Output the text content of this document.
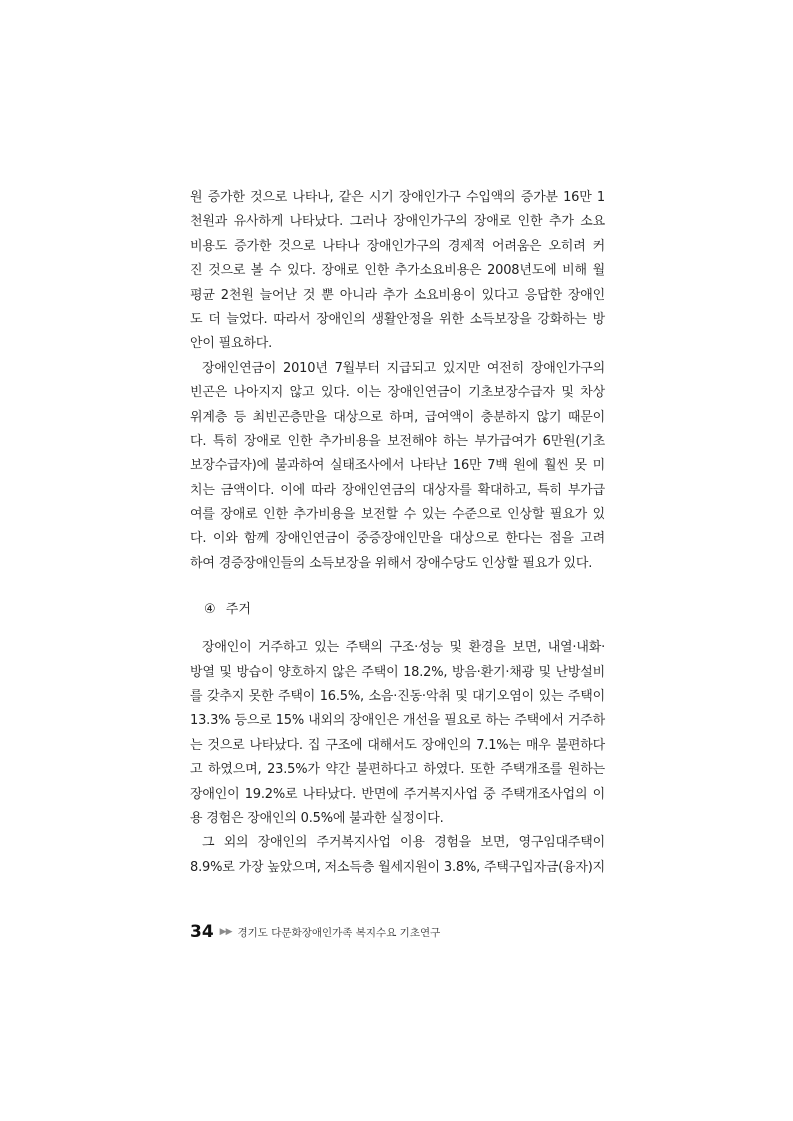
원 증가한 것으로 나타나, 같은 시기 장애인가구 수입액의 증가분 16만 1
천원과 유사하게 나타났다. 그러나 장애인가구의 장애로 인한 추가 소요
비용도 증가한 것으로 나타나 장애인가구의 경제적 어려움은 오히려 커
진 것으로 볼 수 있다. 장애로 인한 추가소요비용은 2008년도에 비해 월
평균 2천원 늘어난 것 뿐 아니라 추가 소요비용이 있다고 응답한 장애인
도 더 늘었다. 따라서 장애인의 생활안정을 위한 소득보장을 강화하는 방
안이 필요하다.
장애인연금이 2010년 7월부터 지급되고 있지만 여전히 장애인가구의
빈곤은 나아지지 않고 있다. 이는 장애인연금이 기초보장수급자 및 차상
위계층 등 최빈곤층만을 대상으로 하며, 급여액이 충분하지 않기 때문이
다. 특히 장애로 인한 추가비용을 보전해야 하는 부가급여가 6만원(기초
보장수급자)에 불과하여 실태조사에서 나타난 16만 7백 원에 훨씬 못 미
치는 금액이다. 이에 따라 장애인연금의 대상자를 확대하고, 특히 부가급
여를 장애로 인한 추가비용을 보전할 수 있는 수준으로 인상할 필요가 있
다. 이와 함께 장애인연금이 중증장애인만을 대상으로 한다는 점을 고려
하여 경증장애인들의 소득보장을 위해서 장애수당도 인상할 필요가 있다.
④ 주거
장애인이 거주하고 있는 주택의 구조·성능 및 환경을 보면, 내열·내화·
방열 및 방습이 양호하지 않은 주택이 18.2%, 방음·환기·채광 및 난방설비
를 갖추지 못한 주택이 16.5%, 소음·진동·악취 및 대기오염이 있는 주택이
13.3% 등으로 15% 내외의 장애인은 개선을 필요로 하는 주택에서 거주하
는 것으로 나타났다. 집 구조에 대해서도 장애인의 7.1%는 매우 불편하다
고 하였으며, 23.5%가 약간 불편하다고 하였다. 또한 주택개조를 원하는
장애인이 19.2%로 나타났다. 반면에 주거복지사업 중 주택개조사업의 이
용 경험은 장애인의 0.5%에 불과한 실정이다.
그 외의 장애인의 주거복지사업 이용 경험을 보면, 영구임대주택이
8.9%로 가장 높았으며, 저소득층 월세지원이 3.8%, 주택구입자금(융자)지
34 ▶▶ 경기도 다문화장애인가족 복지수요 기초연구
